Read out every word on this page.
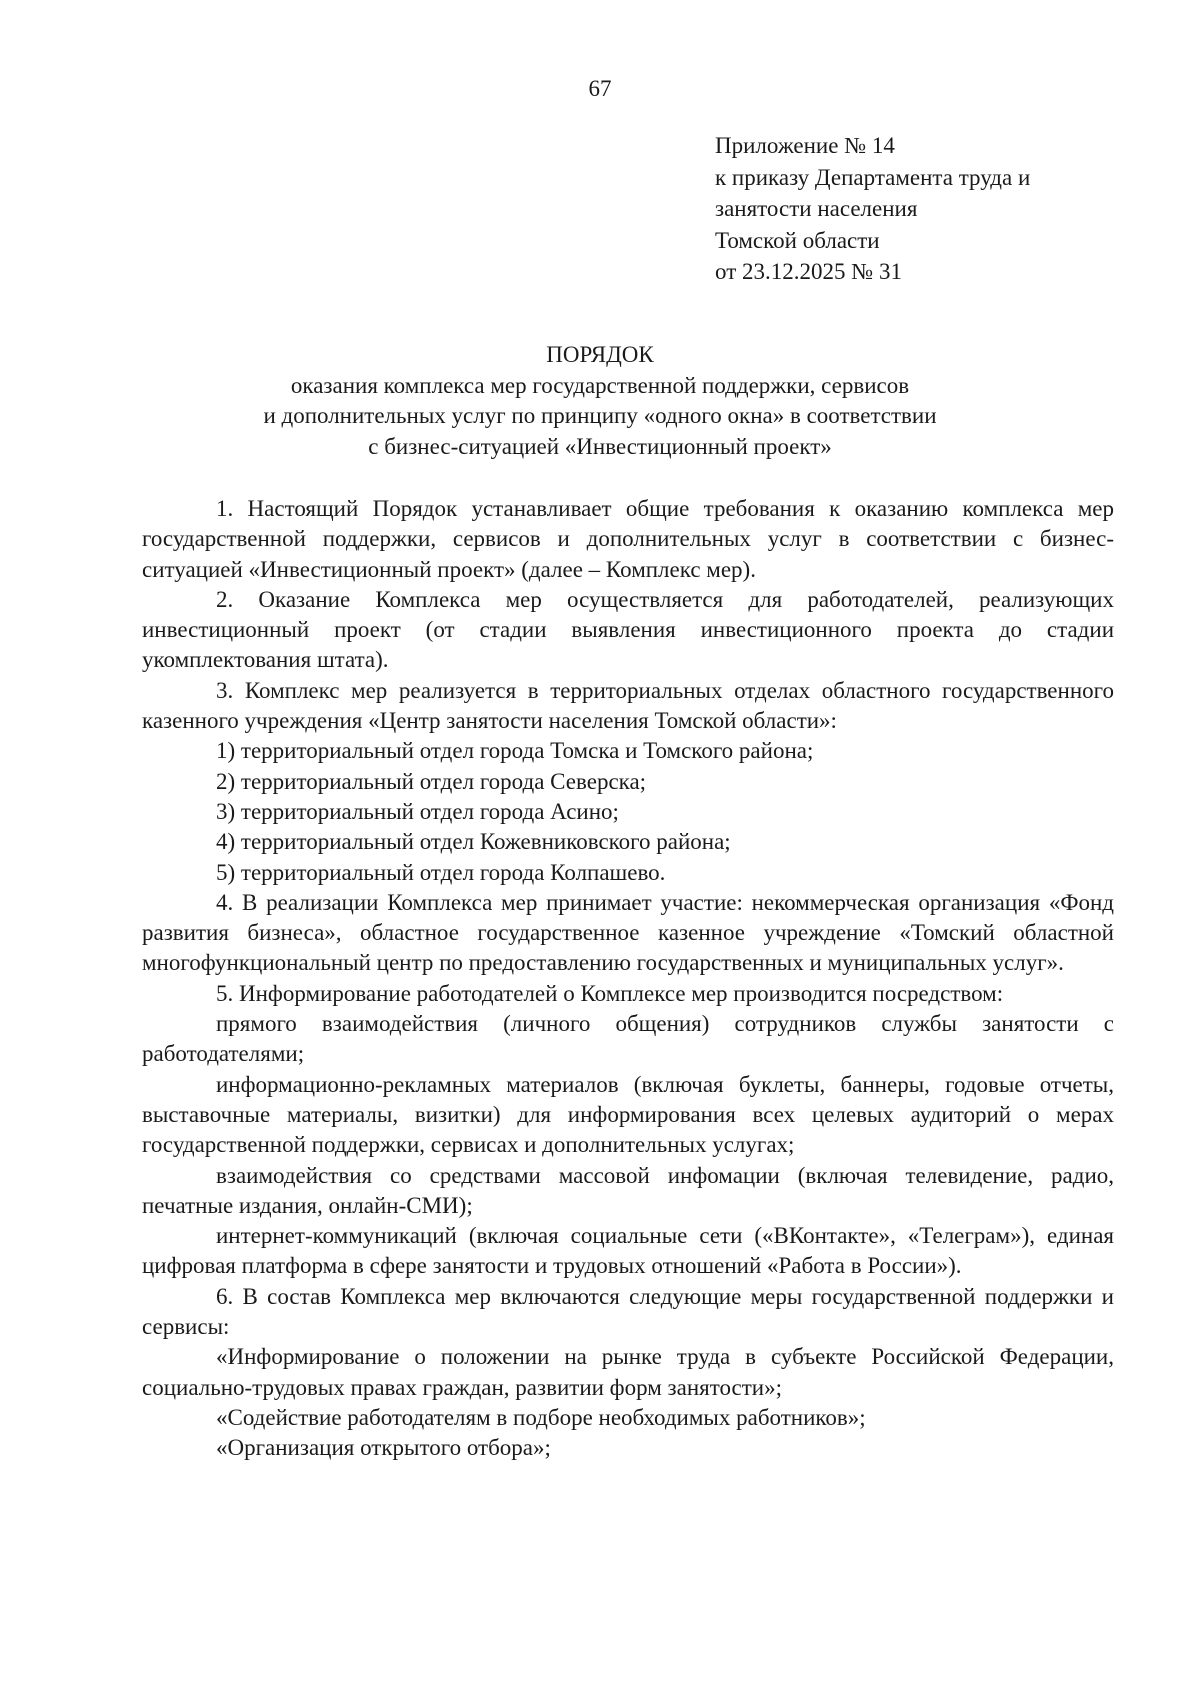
67
Приложение № 14
к приказу Департамента труда и
занятости населения
Томской области
от 23.12.2025 № 31
ПОРЯДОК
оказания комплекса мер государственной поддержки, сервисов
и дополнительных услуг по принципу «одного окна» в соответствии
с бизнес-ситуацией «Инвестиционный проект»

1. Настоящий Порядок устанавливает общие требования к оказанию комплекса мер государственной поддержки, сервисов и дополнительных услуг в соответствии с бизнес-ситуацией «Инвестиционный проект» (далее – Комплекс мер).

2. Оказание Комплекса мер осуществляется для работодателей, реализующих инвестиционный проект (от стадии выявления инвестиционного проекта до стадии укомплектования штата).

3. Комплекс мер реализуется в территориальных отделах областного государственного казенного учреждения «Центр занятости населения Томской области»:

1) территориальный отдел города Томска и Томского района;

2) территориальный отдел города Северска;

3) территориальный отдел города Асино;

4) территориальный отдел Кожевниковского района;

5) территориальный отдел города Колпашево.

4. В реализации Комплекса мер принимает участие: некоммерческая организация «Фонд развития бизнеса», областное государственное казенное учреждение «Томский областной многофункциональный центр по предоставлению государственных и муниципальных услуг».

5. Информирование работодателей о Комплексе мер производится посредством:

прямого взаимодействия (личного общения) сотрудников службы занятости с работодателями;

информационно-рекламных материалов (включая буклеты, баннеры, годовые отчеты, выставочные материалы, визитки) для информирования всех целевых аудиторий о мерах государственной поддержки, сервисах и дополнительных услугах;

взаимодействия со средствами массовой инфомации (включая телевидение, радио, печатные издания, онлайн-СМИ);

интернет-коммуникаций (включая социальные сети («ВКонтакте», «Телеграм»), единая цифровая платформа в сфере занятости и трудовых отношений «Работа в России»).

6. В состав Комплекса мер включаются следующие меры государственной поддержки и сервисы:

«Информирование о положении на рынке труда в субъекте Российской Федерации, социально-трудовых правах граждан, развитии форм занятости»;

«Содействие работодателям в подборе необходимых работников»;

«Организация открытого отбора»;
